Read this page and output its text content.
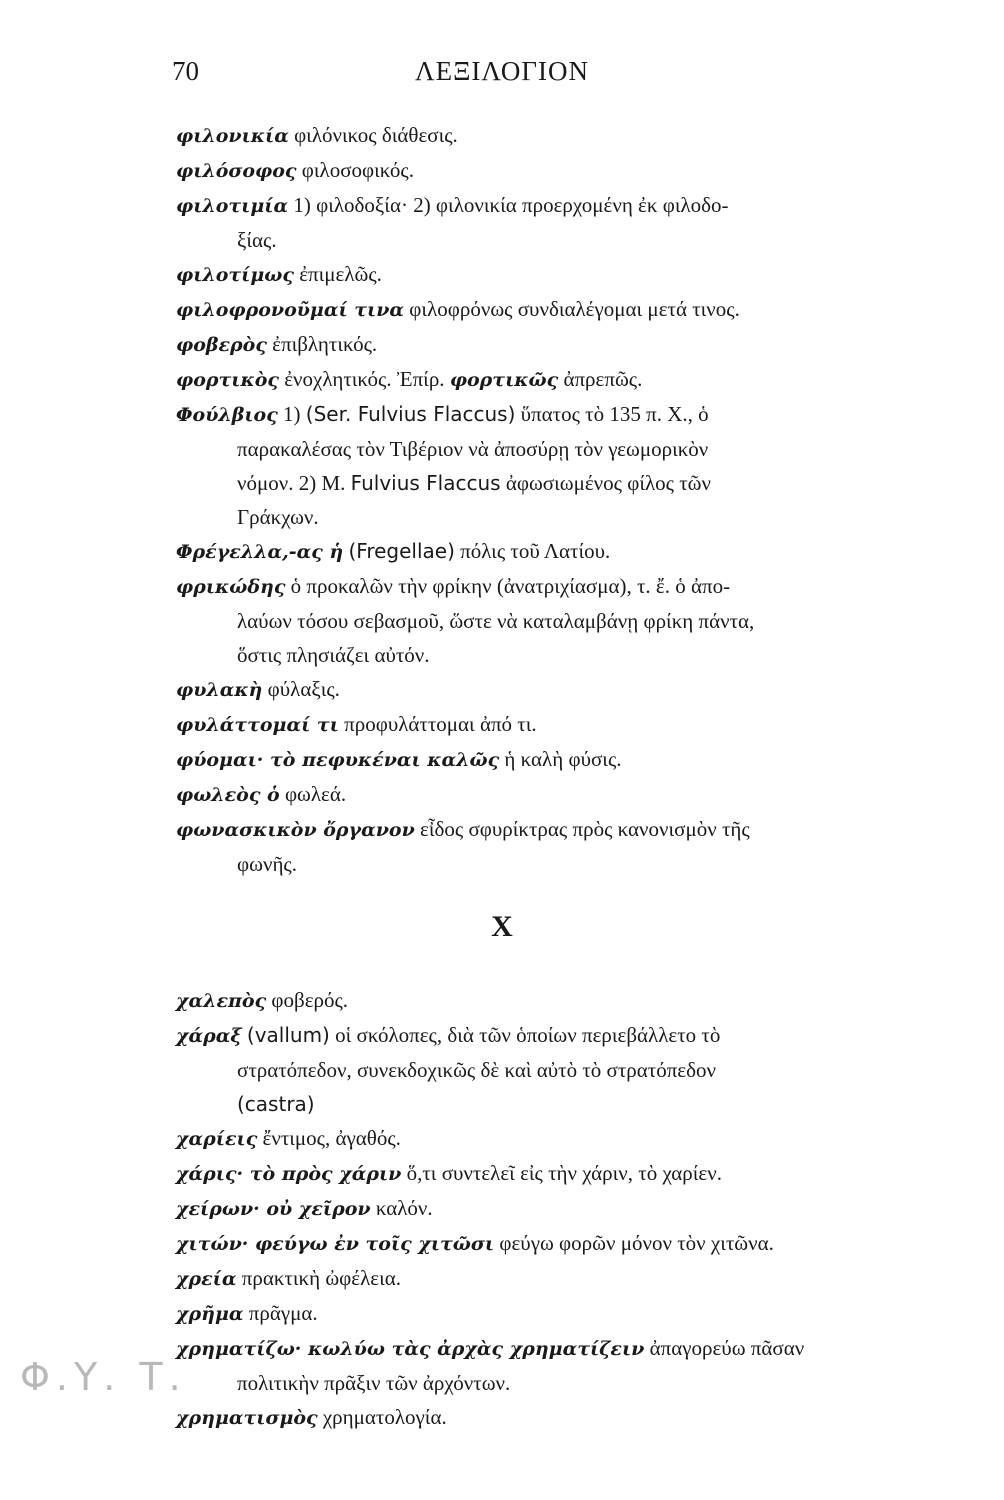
70	ΛΕΞΙΛΟΓΙΟΝ

φιλονικία φιλόνικος διάθεσις.

φιλόσοφος φιλοσοφικός.

φιλοτιμία 1) φιλοδοξία· 2) φιλονικία προερχομένη ἐκ φιλοδο-
ξίας.

φιλοτίμως ἐπιμελῶς.

φιλοφρονοῦμαί τινα φιλοφρόνως συνδιαλέγομαι μετά τινος.

φοβερὸς ἐπιβλητικός.

φορτικὸς ἐνοχλητικός. Ἐπίρ. φορτικῶς ἀπρεπῶς.

Φούλβιος 1) (Ser. Fulvius Flaccus) ὕπατος τὸ 135 π. Χ., ὁ
παρακαλέσας τὸν Τιβέριον νὰ ἀποσύρῃ τὸν γεωμορικὸν
νόμον. 2) Μ. Fulvius Flaccus ἀφωσιωμένος φίλος τῶν
Γράκχων.

Φρέγελλα,-ας ἡ (Fregellae) πόλις τοῦ Λατίου.

φρικώδης ὁ προκαλῶν τὴν φρίκην (ἀνατριχίασμα), τ. ἔ. ὁ ἀπο-
λαύων τόσου σεβασμοῦ, ὥστε νὰ καταλαμβάνῃ φρίκη πάντα,
ὅστις πλησιάζει αὐτόν.

φυλακὴ φύλαξις.

φυλάττομαί τι προφυλάττομαι ἀπό τι.

φύομαι· τὸ πεφυκέναι καλῶς ἡ καλὴ φύσις.

φωλεὸς ὁ φωλεά.

φωνασκικὸν ὄργανον εἶδος σφυρίκτρας πρὸς κανονισμὸν τῆς
φωνῆς.

Χ

χαλεπὸς φοβερός.

χάραξ (vallum) οἱ σκόλοπες, διὰ τῶν ὁποίων περιεβάλλετο τὸ
στρατόπεδον, συνεκδοχικῶς δὲ καὶ αὐτὸ τὸ στρατόπεδον
(castra)

χαρίεις ἔντιμος, ἀγαθός.

χάρις· τὸ πρὸς χάριν ὅ,τι συντελεῖ εἰς τὴν χάριν, τὸ χαρίεν.

χείρων· οὐ χεῖρον καλόν.

χιτών· φεύγω ἐν τοῖς χιτῶσι φεύγω φορῶν μόνον τὸν χιτῶνα.

χρεία πρακτικὴ ὠφέλεια.

χρῆμα πρᾶγμα.

χρηματίζω· κωλύω τὰς ἀρχὰς χρηματίζειν ἀπαγορεύω πᾶσαν
πολιτικὴν πρᾶξιν τῶν ἀρχόντων.

χρηματισμὸς χρηματολογία.

Φ.Υ. Τ.
